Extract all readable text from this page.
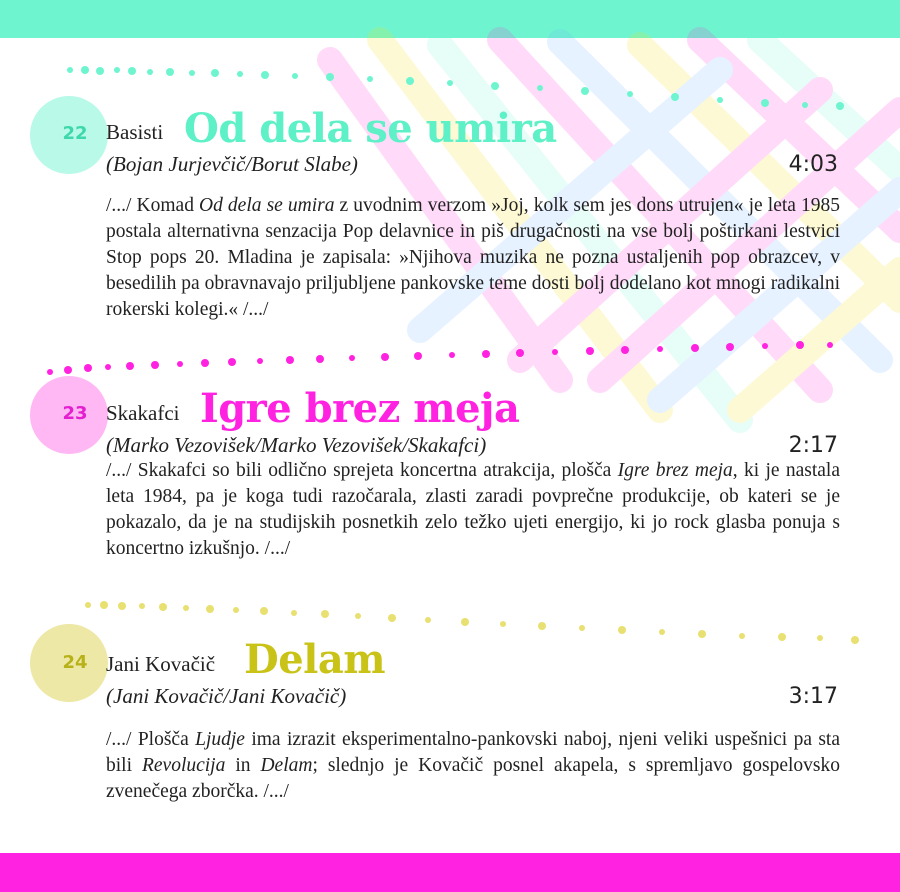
22 Basisti Od dela se umira
(Bojan Jurjevčič/Borut Slabe)	4:03
/.../ Komad Od dela se umira z uvodnim verzom »Joj, kolk sem jes dons utrujen« je leta 1985 postala alternativna senzacija Pop delavnice in piš drugačnosti na vse bolj poštirkani lestvici Stop pops 20. Mladina je zapisala: »Njihova muzika ne pozna ustaljenih pop obrazcev, v besedilih pa obravnavajo priljubljene pankovske teme dosti bolj dodelano kot mnogi radikalni rokerski kolegi.« /.../
23 Skakafci Igre brez meja
(Marko Vezovišek/Marko Vezovišek/Skakafci)	2:17
/.../ Skakafci so bili odlično sprejeta koncertna atrakcija, plošča Igre brez meja, ki je nastala leta 1984, pa je koga tudi razočarala, zlasti zaradi povprečne produkcije, ob kateri se je pokazalo, da je na studijskih posnetkih zelo težko ujeti energijo, ki jo rock glasba ponuja s koncertno izkušnjo. /.../
24 Jani Kovačič Delam
(Jani Kovačič/Jani Kovačič)	3:17
/.../ Plošča Ljudje ima izrazit eksperimentalno-pankovski naboj, njeni veliki uspešnici pa sta bili Revolucija in Delam; slednjo je Kovačič posnel akapela, s spremljavo gospelovsko zvenečega zborčka. /.../
